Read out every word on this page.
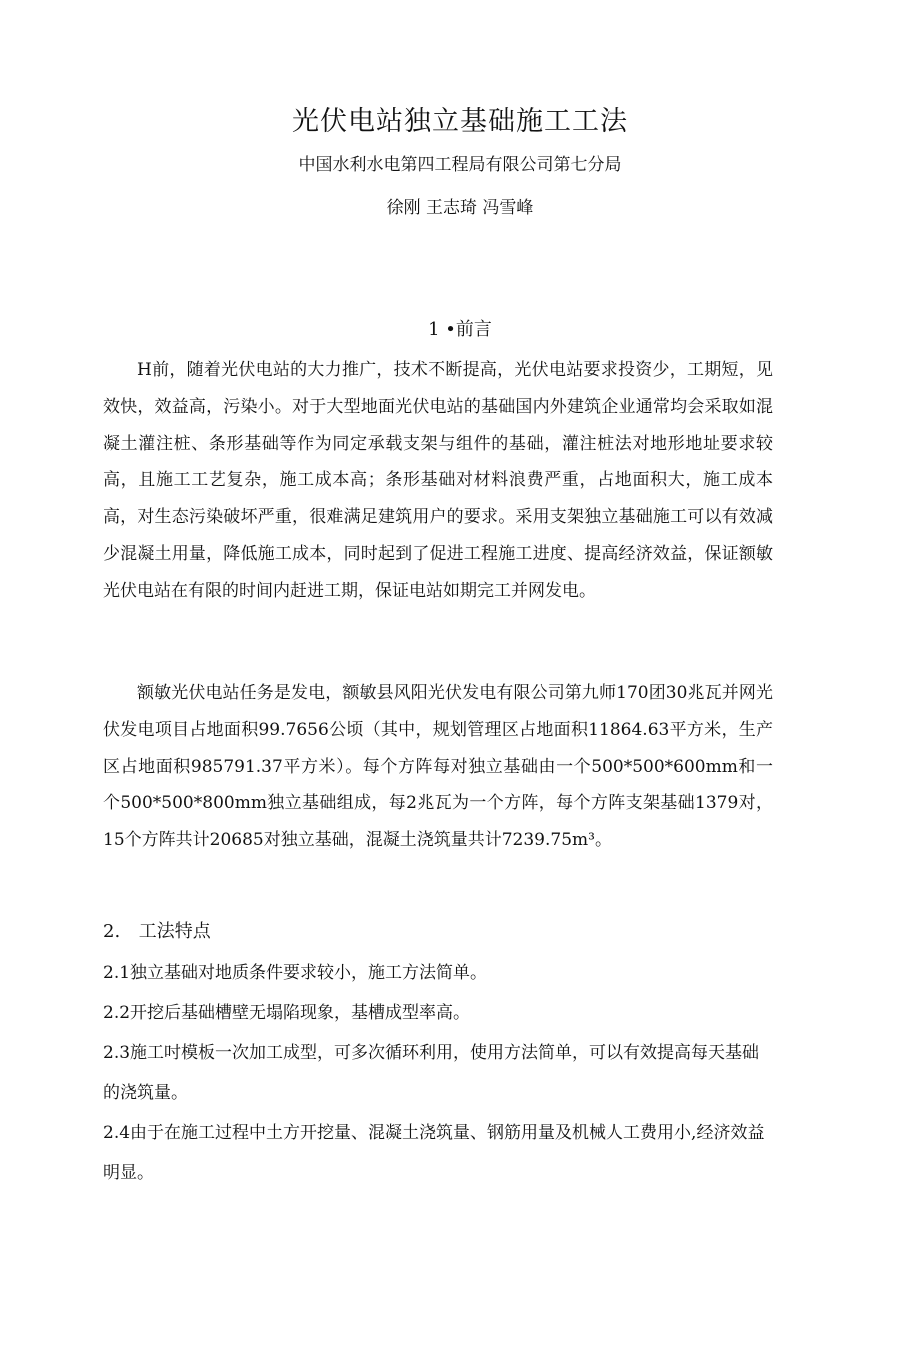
光伏电站独立基础施工工法
中国水利水电第四工程局有限公司第七分局
徐刚 王志琦 冯雪峰
1 •前言

H前，随着光伏电站的大力推广，技术不断提高，光伏电站要求投资少，工期短，见效快，效益高，污染小。对于大型地面光伏电站的基础国内外建筑企业通常均会采取如混凝土灌注桩、条形基础等作为同定承载支架与组件的基础，灌注桩法对地形地址要求较高，且施工工艺复杂，施工成本高；条形基础对材料浪费严重，占地面积大，施工成本高，对生态污染破坏严重，很难满足建筑用户的要求。采用支架独立基础施工可以有效减少混凝土用量，降低施工成本，同时起到了促进工程施工进度、提高经济效益，保证额敏光伏电站在有限的时间内赶进工期，保证电站如期完工并网发电。

额敏光伏电站任务是发电，额敏县风阳光伏发电有限公司第九师170团30兆瓦并网光伏发电项目占地面积99.7656公顷（其中，规划管理区占地面积11864.63平方米，生产区占地面积985791.37平方米）。每个方阵每对独立基础由一个500*500*600mm和一个500*500*800mm独立基础组成，每2兆瓦为一个方阵，每个方阵支架基础1379对，15个方阵共计20685对独立基础，混凝土浇筑量共计7239.75m³。

2. 工法特点

2.1独立基础对地质条件要求较小，施工方法简单。

2.2开挖后基础槽壁无塌陷现象，基槽成型率高。

2.3施工吋模板一次加工成型，可多次循环利用，使用方法简单，可以有效提高每天基础的浇筑量。

2.4由于在施工过程中土方开挖量、混凝土浇筑量、钢筋用量及机械人工费用小,经济效益明显。
